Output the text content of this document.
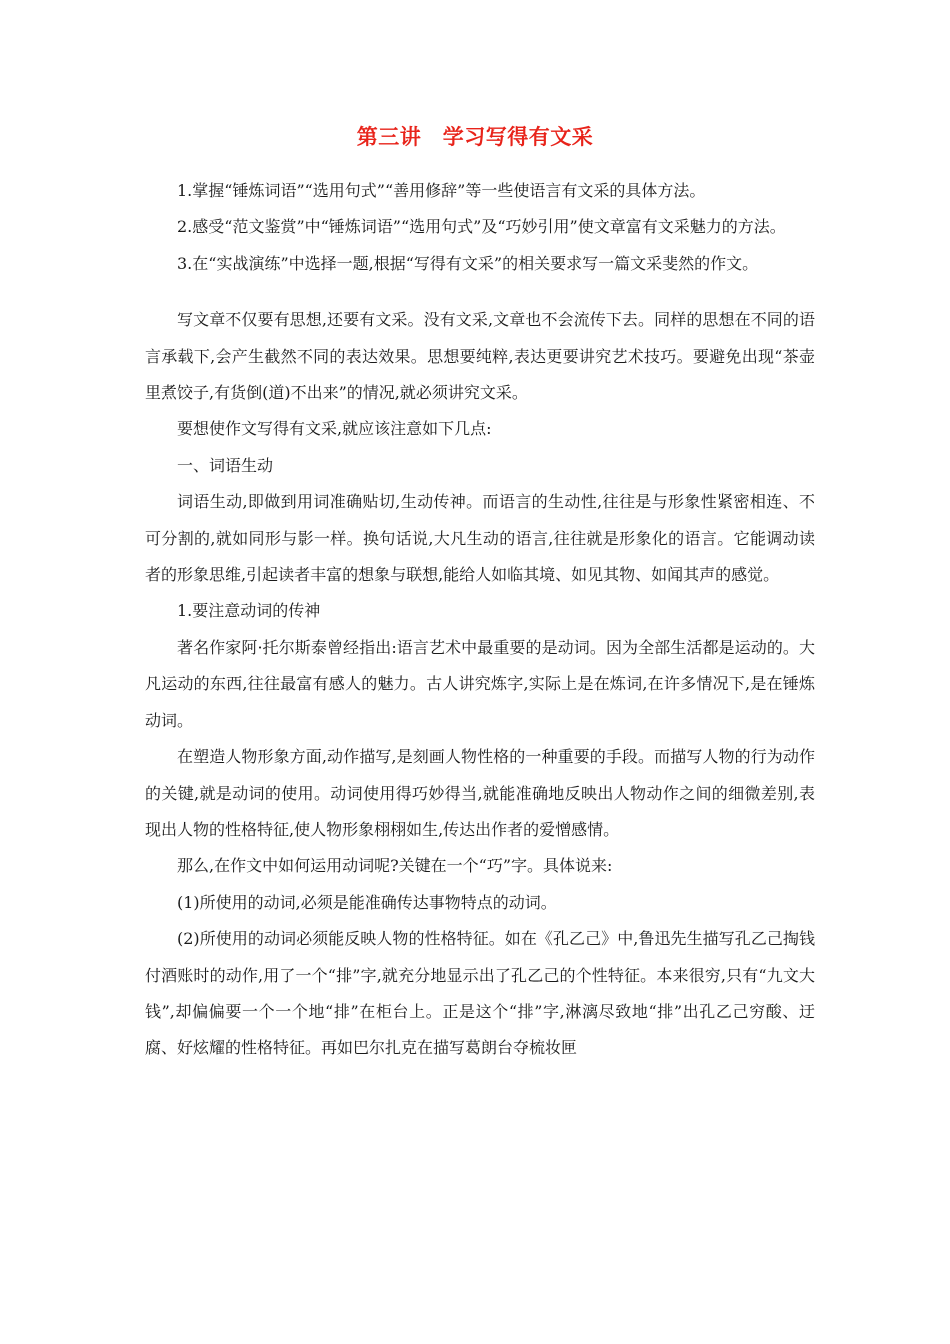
第三讲　学习写得有文采

1.掌握“锤炼词语”“选用句式”“善用修辞”等一些使语言有文采的具体方法。

2.感受“范文鉴赏”中“锤炼词语”“选用句式”及“巧妙引用”使文章富有文采魅力的方法。

3.在“实战演练”中选择一题,根据“写得有文采”的相关要求写一篇文采斐然的作文。

写文章不仅要有思想,还要有文采。没有文采,文章也不会流传下去。同样的思想在不同的语言承载下,会产生截然不同的表达效果。思想要纯粹,表达更要讲究艺术技巧。要避免出现“茶壶里煮饺子,有货倒(道)不出来”的情况,就必须讲究文采。

要想使作文写得有文采,就应该注意如下几点:

一、词语生动

词语生动,即做到用词准确贴切,生动传神。而语言的生动性,往往是与形象性紧密相连、不可分割的,就如同形与影一样。换句话说,大凡生动的语言,往往就是形象化的语言。它能调动读者的形象思维,引起读者丰富的想象与联想,能给人如临其境、如见其物、如闻其声的感觉。

1.要注意动词的传神

著名作家阿·托尔斯泰曾经指出:语言艺术中最重要的是动词。因为全部生活都是运动的。大凡运动的东西,往往最富有感人的魅力。古人讲究炼字,实际上是在炼词,在许多情况下,是在锤炼动词。

在塑造人物形象方面,动作描写,是刻画人物性格的一种重要的手段。而描写人物的行为动作的关键,就是动词的使用。动词使用得巧妙得当,就能准确地反映出人物动作之间的细微差别,表现出人物的性格特征,使人物形象栩栩如生,传达出作者的爱憎感情。

那么,在作文中如何运用动词呢?关键在一个“巧”字。具体说来:

(1)所使用的动词,必须是能准确传达事物特点的动词。

(2)所使用的动词必须能反映人物的性格特征。如在《孔乙己》中,鲁迅先生描写孔乙己掏钱付酒账时的动作,用了一个“排”字,就充分地显示出了孔乙己的个性特征。本来很穷,只有“九文大钱”,却偏偏要一个一个地“排”在柜台上。正是这个“排”字,淋漓尽致地“排”出孔乙己穷酸、迂腐、好炫耀的性格特征。再如巴尔扎克在描写葛朗台夺梳妆匣
